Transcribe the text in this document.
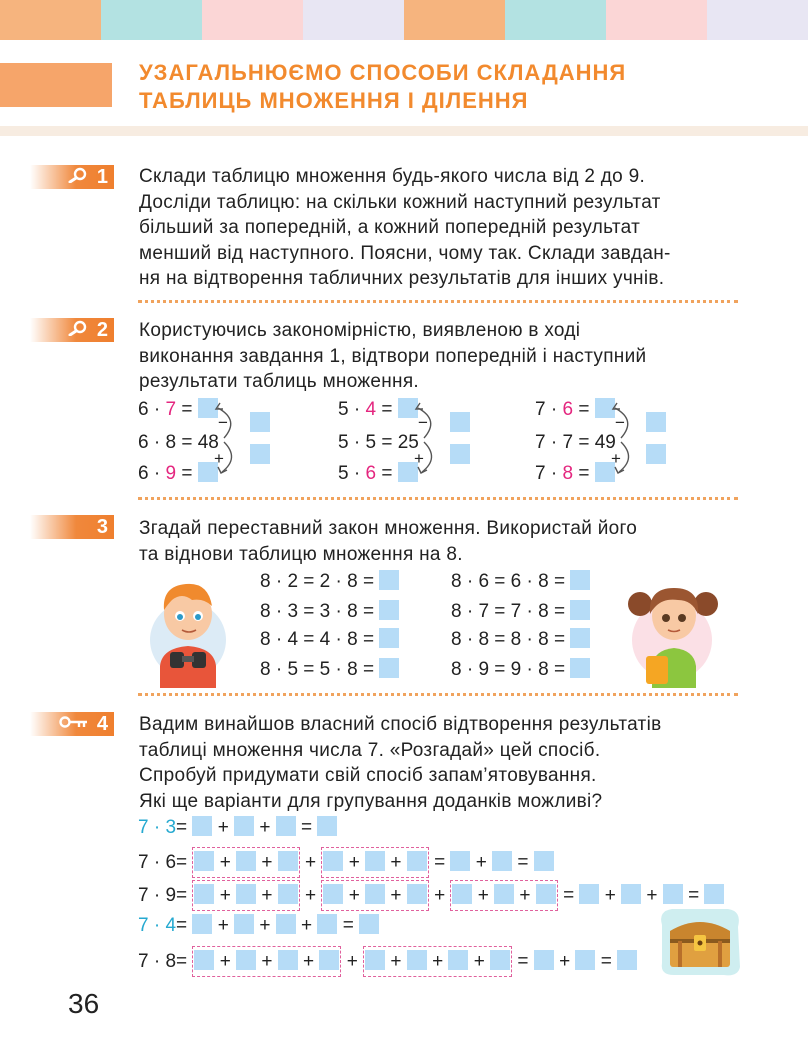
УЗАГАЛЬНЮЄМО СПОСОБИ СКЛАДАННЯ
ТАБЛИЦЬ МНОЖЕННЯ І ДІЛЕННЯ
1 Склади таблицю множення будь-якого числа від 2 до 9.
Досліди таблицю: на скільки кожний наступний результат
більший за попередній, а кожний попередній результат
менший від наступного. Поясни, чому так. Склади завдан-
ня на відтворення табличних результатів для інших учнів.
2 Користуючись закономірністю, виявленою в ході
виконання завдання 1, відтвори попередній і наступний
результати таблиць множення.
6 · 7 =
6 · 8 = 48
6 · 9 =
−
+
5 · 4 =
5 · 5 = 25
5 · 6 =
−
+
7 · 6 =
7 · 7 = 49
7 · 8 =
−
+
3 Згадай переставний закон множення. Використай його
та віднови таблицю множення на 8.
8 · 2 = 2 · 8 =
8 · 3 = 3 · 8 =
8 · 4 = 4 · 8 =
8 · 5 = 5 · 8 =
8 · 6 = 6 · 8 =
8 · 7 = 7 · 8 =
8 · 8 = 8 · 8 =
8 · 9 = 9 · 8 =
4 Вадим винайшов власний спосіб відтворення результатів
таблиці множення числа 7. «Розгадай» цей спосіб.
Спробуй придумати свій спосіб запам’ятовування.
Які ще варіанти для групування доданків можливі?
7 · 3= + + =
7 · 6= + + + + + = + =
7 · 9= + + + + + + + + = + + =
7 · 4= + + + =
7 · 8= + + + + + + + = + =
36
